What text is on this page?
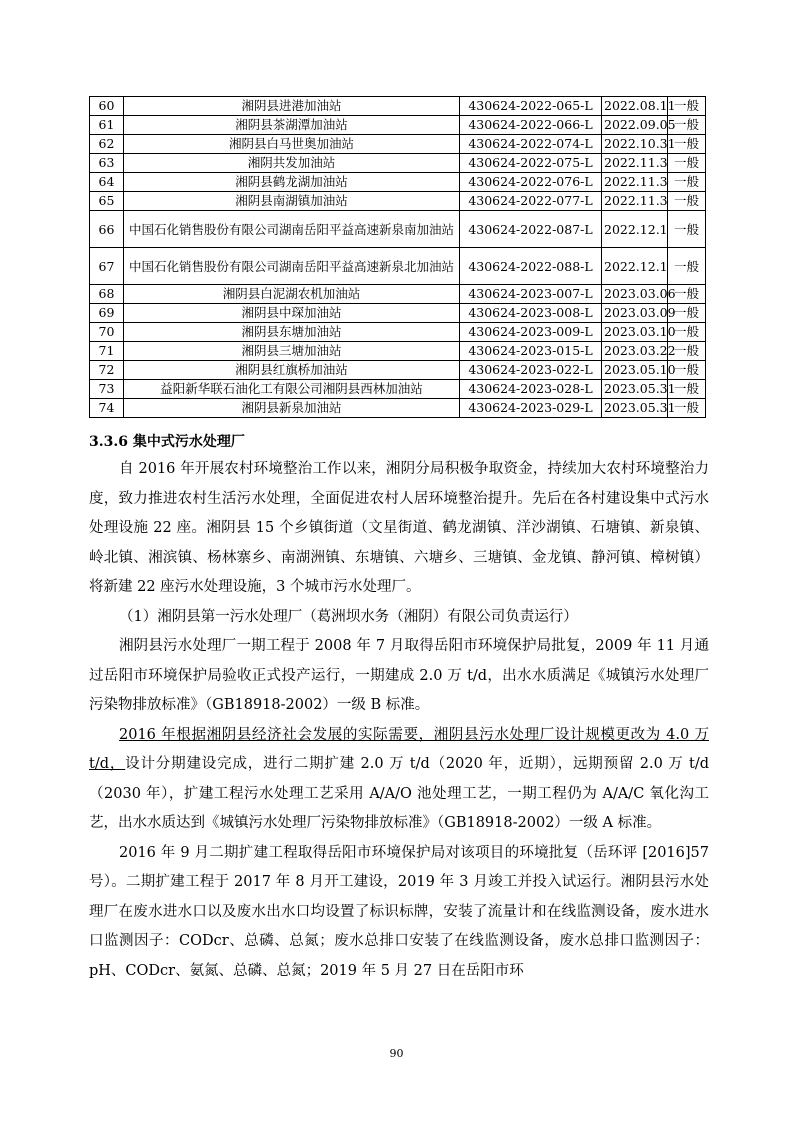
60	湘阴县进港加油站	430624-2022-065-L	2022.08.11	一般
61	湘阴县茶湖潭加油站	430624-2022-066-L	2022.09.05	一般
62	湘阴县白马世奥加油站	430624-2022-074-L	2022.10.31	一般
63	湘阴共发加油站	430624-2022-075-L	2022.11.3	一般
64	湘阴县鹤龙湖加油站	430624-2022-076-L	2022.11.3	一般
65	湘阴县南湖镇加油站	430624-2022-077-L	2022.11.3	一般
66	中国石化销售股份有限公司湖南岳阳平益高速新泉南加油站	430624-2022-087-L	2022.12.1	一般
67	中国石化销售股份有限公司湖南岳阳平益高速新泉北加油站	430624-2022-088-L	2022.12.1	一般
68	湘阴县白泥湖农机加油站	430624-2023-007-L	2023.03.06	一般
69	湘阴县中琛加油站	430624-2023-008-L	2023.03.09	一般
70	湘阴县东塘加油站	430624-2023-009-L	2023.03.10	一般
71	湘阴县三塘加油站	430624-2023-015-L	2023.03.22	一般
72	湘阴县红旗桥加油站	430624-2023-022-L	2023.05.10	一般
73	益阳新华联石油化工有限公司湘阴县西林加油站	430624-2023-028-L	2023.05.31	一般
74	湘阴县新泉加油站	430624-2023-029-L	2023.05.31	一般
3.3.6 集中式污水处理厂

自 2016 年开展农村环境整治工作以来，湘阴分局积极争取资金，持续加大农村环境整治力度，致力推进农村生活污水处理，全面促进农村人居环境整治提升。先后在各村建设集中式污水处理设施 22 座。湘阴县 15 个乡镇街道（文星街道、鹤龙湖镇、洋沙湖镇、石塘镇、新泉镇、岭北镇、湘滨镇、杨林寨乡、南湖洲镇、东塘镇、六塘乡、三塘镇、金龙镇、静河镇、樟树镇）将新建 22 座污水处理设施，3 个城市污水处理厂。

（1）湘阴县第一污水处理厂（葛洲坝水务（湘阴）有限公司负责运行）

湘阴县污水处理厂一期工程于 2008 年 7 月取得岳阳市环境保护局批复，2009 年 11 月通过岳阳市环境保护局验收正式投产运行，一期建成 2.0 万 t/d，出水水质满足《城镇污水处理厂污染物排放标准》（GB18918-2002）一级 B 标准。

2016 年根据湘阴县经济社会发展的实际需要，湘阴县污水处理厂设计规模更改为 4.0 万 t/d，设计分期建设完成，进行二期扩建 2.0 万 t/d（2020 年，近期），远期预留 2.0 万 t/d（2030 年），扩建工程污水处理工艺采用 A/A/O 池处理工艺，一期工程仍为 A/A/C 氧化沟工艺，出水水质达到《城镇污水处理厂污染物排放标准》（GB18918-2002）一级 A 标准。

2016 年 9 月二期扩建工程取得岳阳市环境保护局对该项目的环境批复（岳环评 [2016]57 号）。二期扩建工程于 2017 年 8 月开工建设，2019 年 3 月竣工并投入试运行。湘阴县污水处理厂在废水进水口以及废水出水口均设置了标识标牌，安装了流量计和在线监测设备，废水进水口监测因子：CODcr、总磷、总氮；废水总排口安装了在线监测设备，废水总排口监测因子：pH、CODcr、氨氮、总磷、总氮；2019 年 5 月 27 日在岳阳市环

90
